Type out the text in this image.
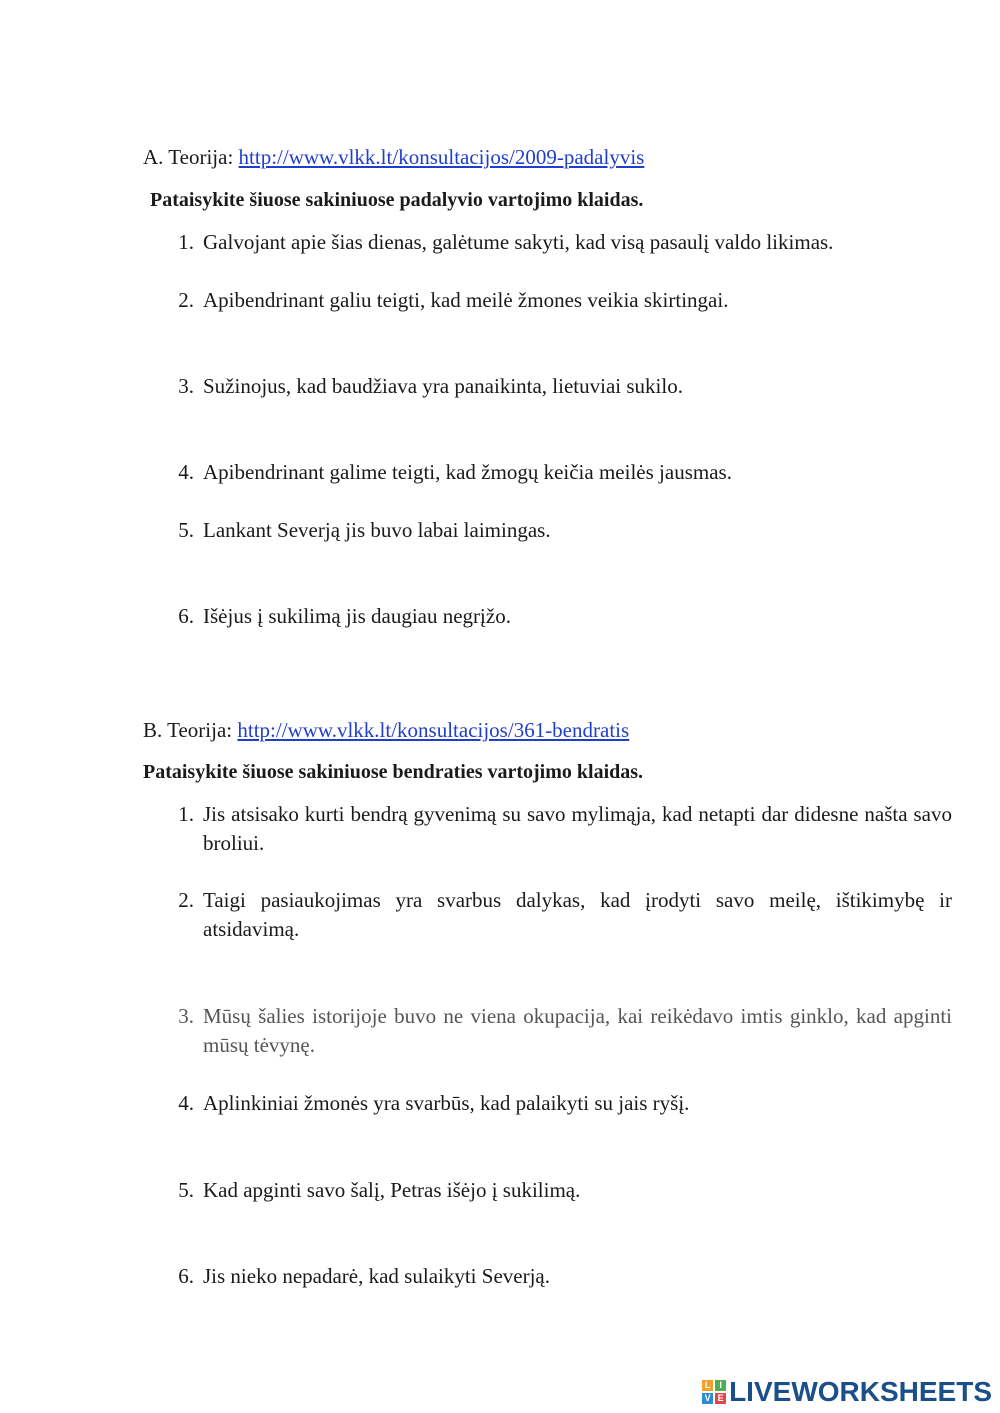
A. Teorija: http://www.vlkk.lt/konsultacijos/2009-padalyvis
Pataisykite šiuose sakiniuose padalyvio vartojimo klaidas.
1. Galvojant apie šias dienas, galėtume sakyti, kad visą pasaulį valdo likimas.
2. Apibendrinant galiu teigti, kad meilė žmones veikia skirtingai.
3. Sužinojus, kad baudžiava yra panaikinta, lietuviai sukilo.
4. Apibendrinant galime teigti, kad žmogų keičia meilės jausmas.
5. Lankant Severją jis buvo labai laimingas.
6. Išėjus į sukilimą jis daugiau negrįžo.
B. Teorija: http://www.vlkk.lt/konsultacijos/361-bendratis
Pataisykite šiuose sakiniuose bendraties vartojimo klaidas.
1. Jis atsisako kurti bendrą gyvenimą su savo mylimąja, kad netapti dar didesne našta savo broliui.
2. Taigi pasiaukojimas yra svarbus dalykas, kad įrodyti savo meilę, ištikimybę ir atsidavimą.
3. Mūsų šalies istorijoje buvo ne viena okupacija, kai reikėdavo imtis ginklo, kad apginti mūsų tėvynę.
4. Aplinkiniai žmonės yra svarbūs, kad palaikyti su jais ryšį.
5. Kad apginti savo šalį, Petras išėjo į sukilimą.
6. Jis nieko nepadarė, kad sulaikyti Severją.
L I
V E LIVEWORKSHEETS
